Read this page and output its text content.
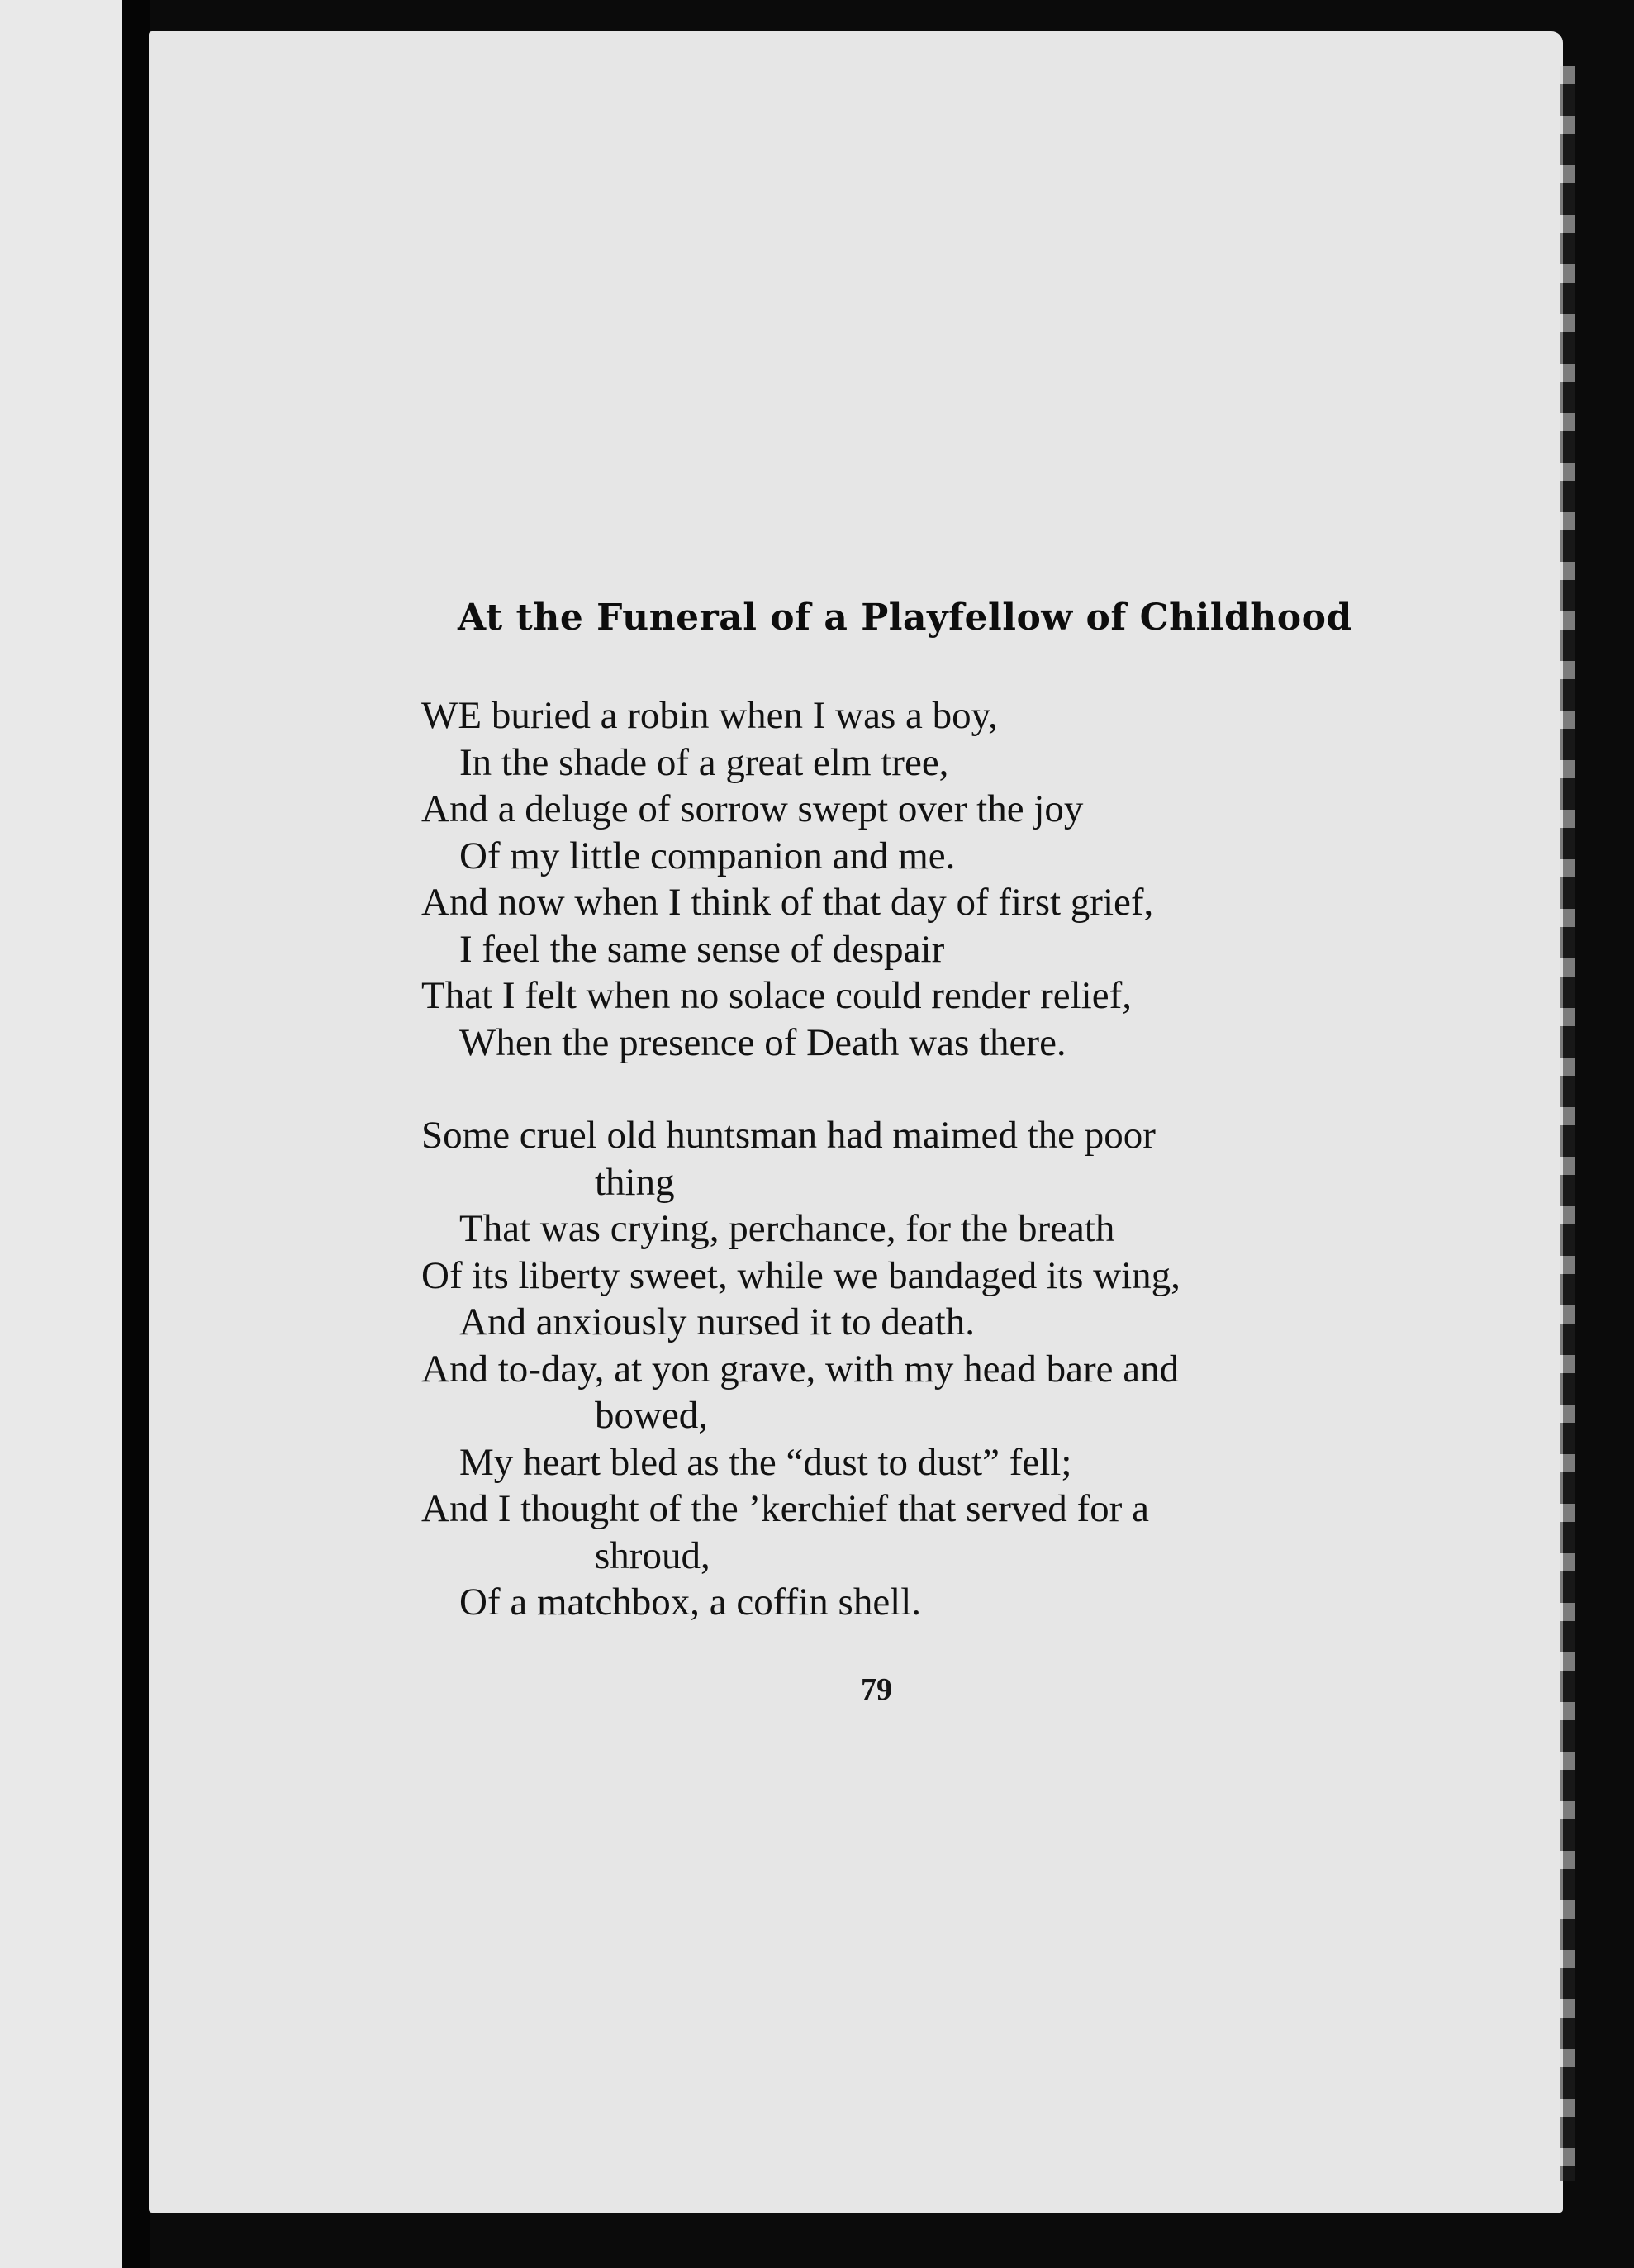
At the Funeral of a Playfellow of Childhood
WE buried a robin when I was a boy,
In the shade of a great elm tree,
And a deluge of sorrow swept over the joy
Of my little companion and me.
And now when I think of that day of first grief,
I feel the same sense of despair
That I felt when no solace could render relief,
When the presence of Death was there.
Some cruel old huntsman had maimed the poor
thing
That was crying, perchance, for the breath
Of its liberty sweet, while we bandaged its wing,
And anxiously nursed it to death.
And to-day, at yon grave, with my head bare and
bowed,
My heart bled as the “dust to dust” fell;
And I thought of the ’kerchief that served for a
shroud,
Of a matchbox, a coffin shell.
79
